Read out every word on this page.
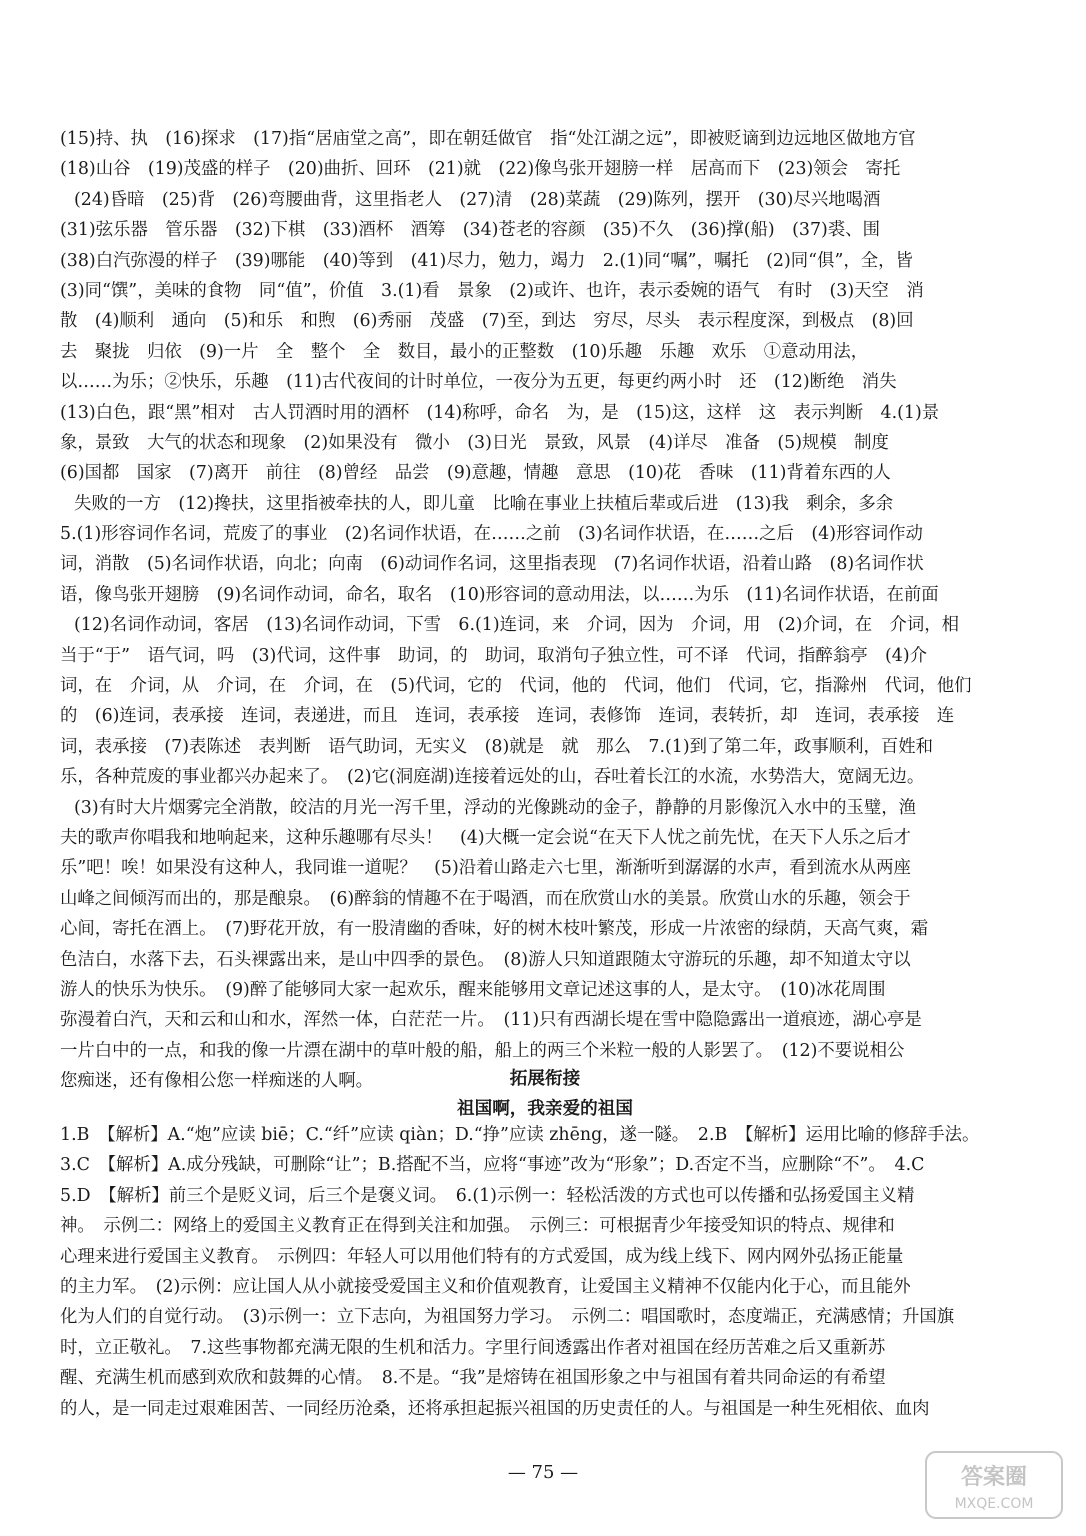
(15)持、执　(16)探求　(17)指“居庙堂之高”，即在朝廷做官　指“处江湖之远”，即被贬谪到边远地区做地方官
(18)山谷　(19)茂盛的样子　(20)曲折、回环　(21)就　(22)像鸟张开翅膀一样　居高而下　(23)领会　寄托
(24)昏暗　(25)背　(26)弯腰曲背，这里指老人　(27)清　(28)菜蔬　(29)陈列，摆开　(30)尽兴地喝酒
(31)弦乐器　管乐器　(32)下棋　(33)酒杯　酒筹　(34)苍老的容颜　(35)不久　(36)撑(船)　(37)裘、围
(38)白汽弥漫的样子　(39)哪能　(40)等到　(41)尽力，勉力，竭力　2.(1)同“嘱”，嘱托　(2)同“俱”，全，皆
(3)同“馔”，美味的食物　同“值”，价值　3.(1)看　景象　(2)或许、也许，表示委婉的语气　有时　(3)天空　消
散　(4)顺利　通向　(5)和乐　和煦　(6)秀丽　茂盛　(7)至，到达　穷尽，尽头　表示程度深，到极点　(8)回
去　聚拢　归依　(9)一片　全　整个　全　数目，最小的正整数　(10)乐趣　乐趣　欢乐　①意动用法，
以……为乐；②快乐，乐趣　(11)古代夜间的计时单位，一夜分为五更，每更约两小时　还　(12)断绝　消失
(13)白色，跟“黑”相对　古人罚酒时用的酒杯　(14)称呼，命名　为，是　(15)这，这样　这　表示判断　4.(1)景
象，景致　大气的状态和现象　(2)如果没有　微小　(3)日光　景致，风景　(4)详尽　准备　(5)规模　制度
(6)国都　国家　(7)离开　前往　(8)曾经　品尝　(9)意趣，情趣　意思　(10)花　香味　(11)背着东西的人
失败的一方　(12)搀扶，这里指被牵扶的人，即儿童　比喻在事业上扶植后辈或后进　(13)我　剩余，多余
5.(1)形容词作名词，荒废了的事业　(2)名词作状语，在……之前　(3)名词作状语，在……之后　(4)形容词作动
词，消散　(5)名词作状语，向北；向南　(6)动词作名词，这里指表现　(7)名词作状语，沿着山路　(8)名词作状
语，像鸟张开翅膀　(9)名词作动词，命名，取名　(10)形容词的意动用法，以……为乐　(11)名词作状语，在前面
(12)名词作动词，客居　(13)名词作动词，下雪　6.(1)连词，来　介词，因为　介词，用　(2)介词，在　介词，相
当于“于”　语气词，吗　(3)代词，这件事　助词，的　助词，取消句子独立性，可不译　代词，指醉翁亭　(4)介
词，在　介词，从　介词，在　介词，在　(5)代词，它的　代词，他的　代词，他们　代词，它，指滁州　代词，他们
的　(6)连词，表承接　连词，表递进，而且　连词，表承接　连词，表修饰　连词，表转折，却　连词，表承接　连
词，表承接　(7)表陈述　表判断　语气助词，无实义　(8)就是　就　那么　7.(1)到了第二年，政事顺利，百姓和
乐，各种荒废的事业都兴办起来了。　(2)它(洞庭湖)连接着远处的山，吞吐着长江的水流，水势浩大，宽阔无边。
(3)有时大片烟雾完全消散，皎洁的月光一泻千里，浮动的光像跳动的金子，静静的月影像沉入水中的玉璧，渔
夫的歌声你唱我和地响起来，这种乐趣哪有尽头！　(4)大概一定会说“在天下人忧之前先忧，在天下人乐之后才
乐”吧！唉！如果没有这种人，我同谁一道呢？　(5)沿着山路走六七里，渐渐听到潺潺的水声，看到流水从两座
山峰之间倾泻而出的，那是酿泉。　(6)醉翁的情趣不在于喝酒，而在欣赏山水的美景。欣赏山水的乐趣，领会于
心间，寄托在酒上。　(7)野花开放，有一股清幽的香味，好的树木枝叶繁茂，形成一片浓密的绿荫，天高气爽，霜
色洁白，水落下去，石头裸露出来，是山中四季的景色。　(8)游人只知道跟随太守游玩的乐趣，却不知道太守以
游人的快乐为快乐。　(9)醉了能够同大家一起欢乐，醒来能够用文章记述这事的人，是太守。　(10)冰花周围
弥漫着白汽，天和云和山和水，浑然一体，白茫茫一片。　(11)只有西湖长堤在雪中隐隐露出一道痕迹，湖心亭是
一片白中的一点，和我的像一片漂在湖中的草叶般的船，船上的两三个米粒一般的人影罢了。　(12)不要说相公
您痴迷，还有像相公您一样痴迷的人啊。	拓展衔接
祖国啊，我亲爱的祖国
1.B　【解析】A.“炮”应读 biē；C.“纤”应读 qiàn；D.“挣”应读 zhēng，遂一隧。　2.B　【解析】运用比喻的修辞手法。
3.C　【解析】A.成分残缺，可删除“让”；B.搭配不当，应将“事迹”改为“形象”；D.否定不当，应删除“不”。　4.C
5.D　【解析】前三个是贬义词，后三个是褒义词。　6.(1)示例一：轻松活泼的方式也可以传播和弘扬爱国主义精
神。　示例二：网络上的爱国主义教育正在得到关注和加强。　示例三：可根据青少年接受知识的特点、规律和
心理来进行爱国主义教育。　示例四：年轻人可以用他们特有的方式爱国，成为线上线下、网内网外弘扬正能量
的主力军。　(2)示例：应让国人从小就接受爱国主义和价值观教育，让爱国主义精神不仅能内化于心，而且能外
化为人们的自觉行动。　(3)示例一：立下志向，为祖国努力学习。　示例二：唱国歌时，态度端正，充满感情；升国旗
时，立正敬礼。　7.这些事物都充满无限的生机和活力。字里行间透露出作者对祖国在经历苦难之后又重新苏
醒、充满生机而感到欢欣和鼓舞的心情。　8.不是。“我”是熔铸在祖国形象之中与祖国有着共同命运的有希望
的人，是一同走过艰难困苦、一同经历沧桑，还将承担起振兴祖国的历史责任的人。与祖国是一种生死相依、血肉
— 75 —	答案圈
MXQE.COM
